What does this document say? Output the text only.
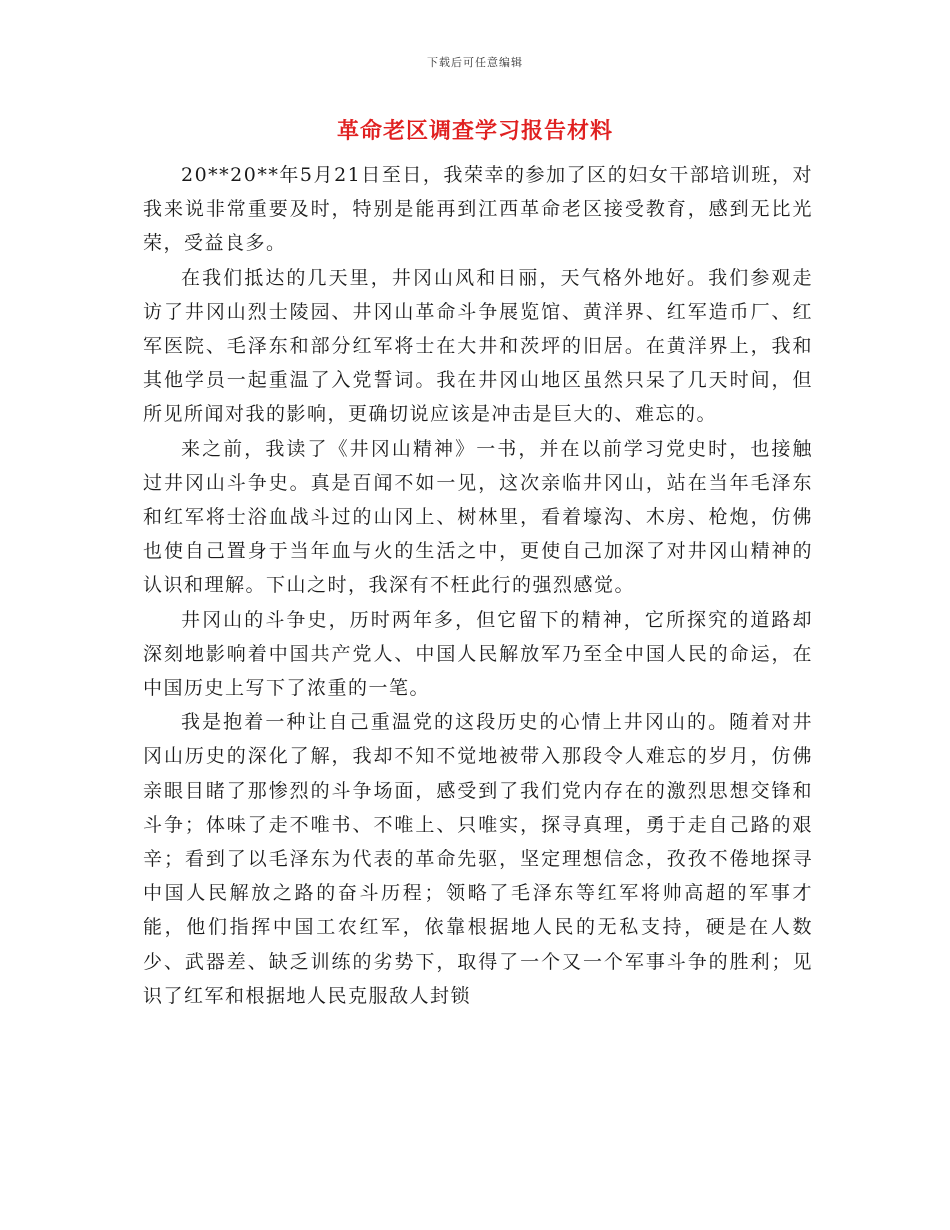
下载后可任意编辑
革命老区调查学习报告材料

20**20**年5月21日至日，我荣幸的参加了区的妇女干部培训班，对我来说非常重要及时，特别是能再到江西革命老区接受教育，感到无比光荣，受益良多。

在我们抵达的几天里，井冈山风和日丽，天气格外地好。我们参观走访了井冈山烈士陵园、井冈山革命斗争展览馆、黄洋界、红军造币厂、红军医院、毛泽东和部分红军将士在大井和茨坪的旧居。在黄洋界上，我和其他学员一起重温了入党誓词。我在井冈山地区虽然只呆了几天时间，但所见所闻对我的影响，更确切说应该是冲击是巨大的、难忘的。

来之前，我读了《井冈山精神》一书，并在以前学习党史时，也接触过井冈山斗争史。真是百闻不如一见，这次亲临井冈山，站在当年毛泽东和红军将士浴血战斗过的山冈上、树林里，看着壕沟、木房、枪炮，仿佛也使自己置身于当年血与火的生活之中，更使自己加深了对井冈山精神的认识和理解。下山之时，我深有不枉此行的强烈感觉。

井冈山的斗争史，历时两年多，但它留下的精神，它所探究的道路却深刻地影响着中国共产党人、中国人民解放军乃至全中国人民的命运，在中国历史上写下了浓重的一笔。

我是抱着一种让自己重温党的这段历史的心情上井冈山的。随着对井冈山历史的深化了解，我却不知不觉地被带入那段令人难忘的岁月，仿佛亲眼目睹了那惨烈的斗争场面，感受到了我们党内存在的激烈思想交锋和斗争；体味了走不唯书、不唯上、只唯实，探寻真理，勇于走自己路的艰辛；看到了以毛泽东为代表的革命先驱，坚定理想信念，孜孜不倦地探寻中国人民解放之路的奋斗历程；领略了毛泽东等红军将帅高超的军事才能，他们指挥中国工农红军，依靠根据地人民的无私支持，硬是在人数少、武器差、缺乏训练的劣势下，取得了一个又一个军事斗争的胜利；见识了红军和根据地人民克服敌人封锁
